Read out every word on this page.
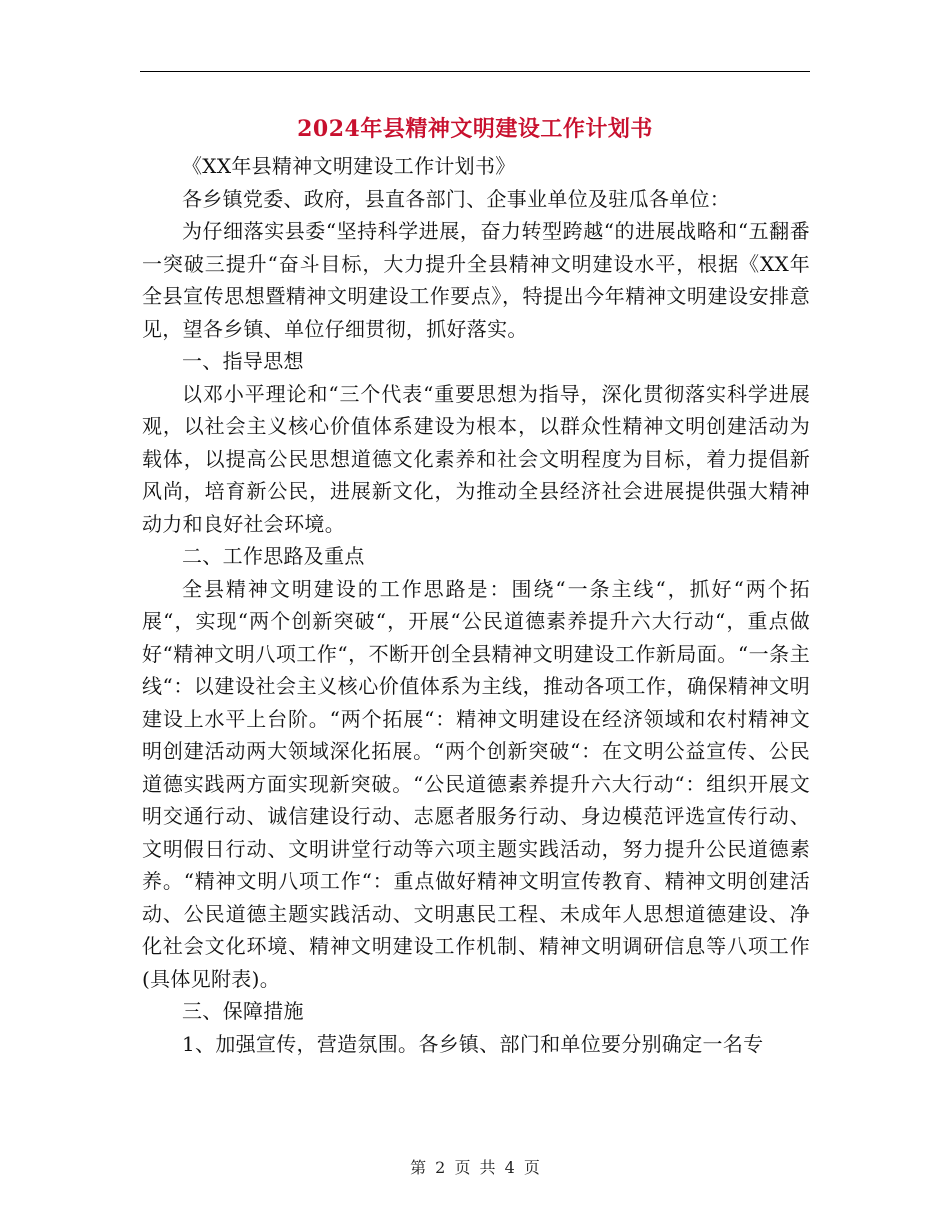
2024年县精神文明建设工作计划书

《XX年县精神文明建设工作计划书》

各乡镇党委、政府，县直各部门、企事业单位及驻瓜各单位：

为仔细落实县委“坚持科学进展，奋力转型跨越“的进展战略和“五翻番一突破三提升“奋斗目标，大力提升全县精神文明建设水平，根据《XX年全县宣传思想暨精神文明建设工作要点》，特提出今年精神文明建设安排意见，望各乡镇、单位仔细贯彻，抓好落实。

一、指导思想

以邓小平理论和“三个代表“重要思想为指导，深化贯彻落实科学进展观，以社会主义核心价值体系建设为根本，以群众性精神文明创建活动为载体，以提高公民思想道德文化素养和社会文明程度为目标，着力提倡新风尚，培育新公民，进展新文化，为推动全县经济社会进展提供强大精神动力和良好社会环境。

二、工作思路及重点

全县精神文明建设的工作思路是：围绕“一条主线“，抓好“两个拓展“，实现“两个创新突破“，开展“公民道德素养提升六大行动“，重点做好“精神文明八项工作“，不断开创全县精神文明建设工作新局面。“一条主线“：以建设社会主义核心价值体系为主线，推动各项工作，确保精神文明建设上水平上台阶。“两个拓展“：精神文明建设在经济领域和农村精神文明创建活动两大领域深化拓展。“两个创新突破“：在文明公益宣传、公民道德实践两方面实现新突破。“公民道德素养提升六大行动“：组织开展文明交通行动、诚信建设行动、志愿者服务行动、身边模范评选宣传行动、文明假日行动、文明讲堂行动等六项主题实践活动，努力提升公民道德素养。“精神文明八项工作“：重点做好精神文明宣传教育、精神文明创建活动、公民道德主题实践活动、文明惠民工程、未成年人思想道德建设、净化社会文化环境、精神文明建设工作机制、精神文明调研信息等八项工作(具体见附表)。

三、保障措施

1、加强宣传，营造氛围。各乡镇、部门和单位要分别确定一名专

第 2 页 共 4 页
